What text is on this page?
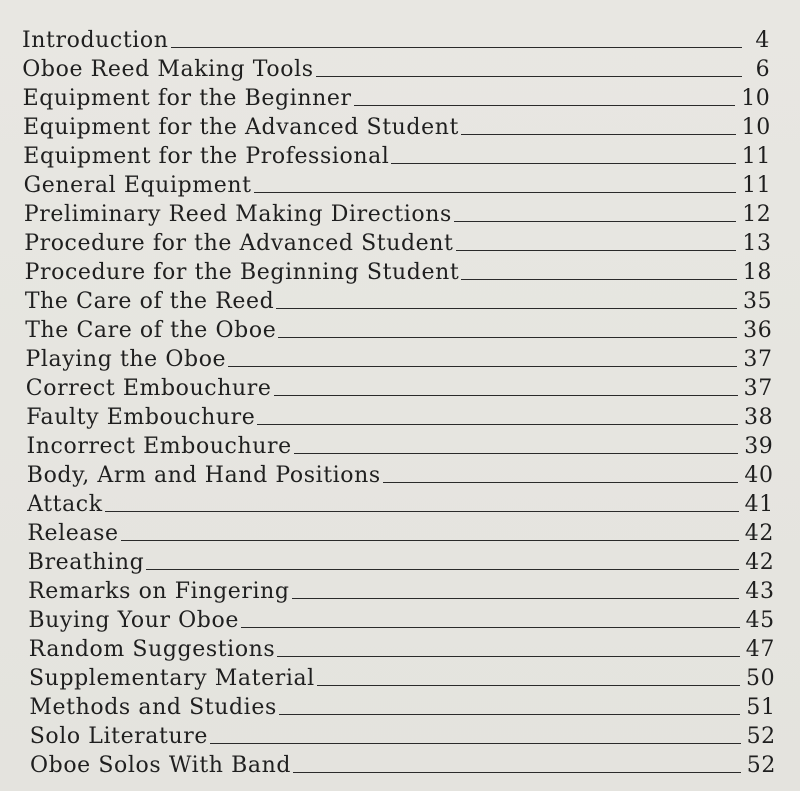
Introduction	4
Oboe Reed Making Tools	6
Equipment for the Beginner	10
Equipment for the Advanced Student	10
Equipment for the Professional	11
General Equipment	11
Preliminary Reed Making Directions	12
Procedure for the Advanced Student	13
Procedure for the Beginning Student	18
The Care of the Reed	35
The Care of the Oboe	36
Playing the Oboe	37
Correct Embouchure	37
Faulty Embouchure	38
Incorrect Embouchure	39
Body, Arm and Hand Positions	40
Attack	41
Release	42
Breathing	42
Remarks on Fingering	43
Buying Your Oboe	45
Random Suggestions	47
Supplementary Material	50
Methods and Studies	51
Solo Literature	52
Oboe Solos With Band	52
